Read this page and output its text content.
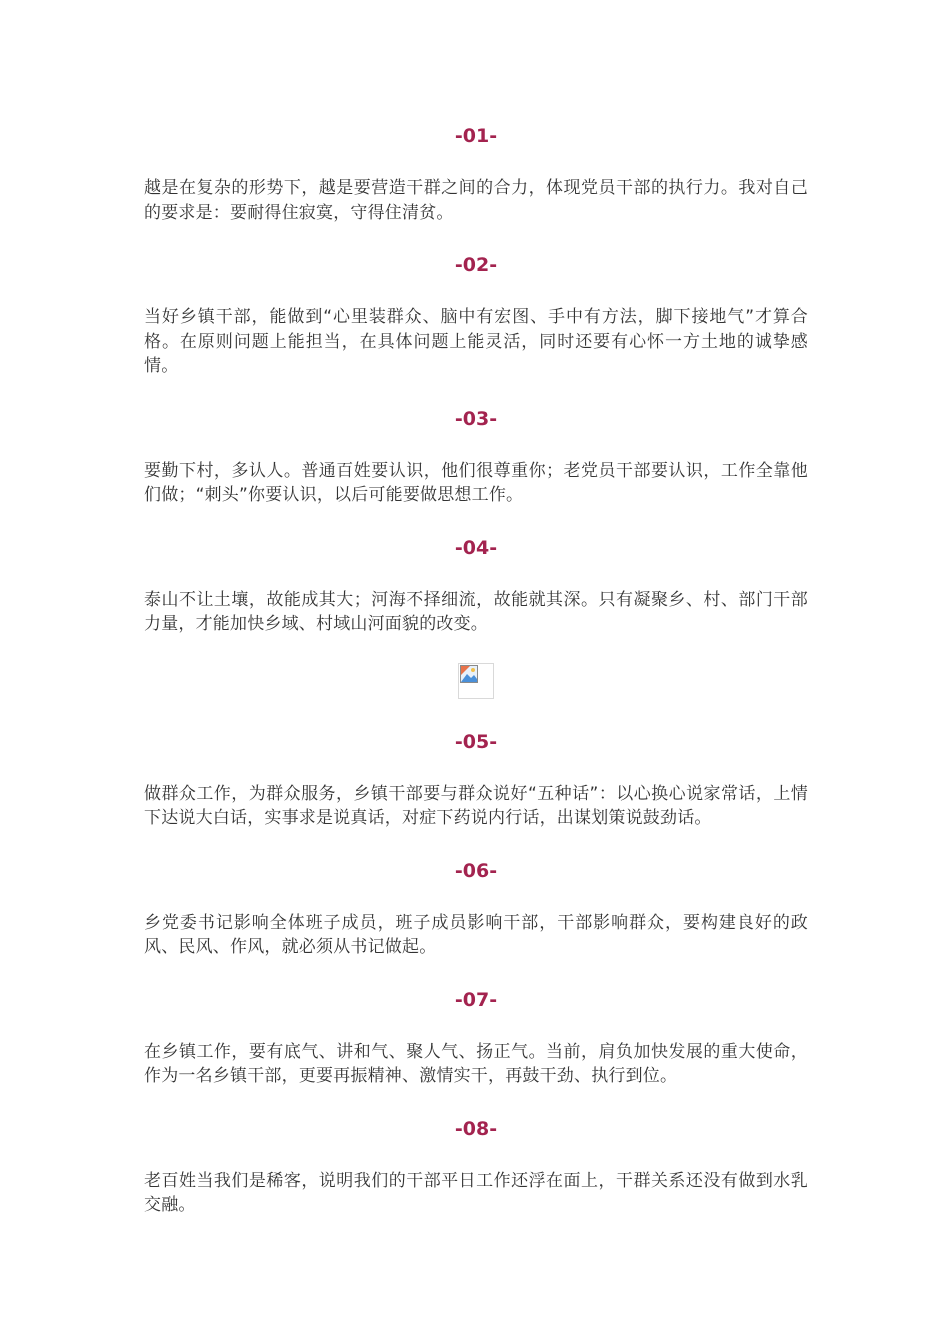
-01-

越是在复杂的形势下，越是要营造干群之间的合力，体现党员干部的执行力。我对自己的要求是：要耐得住寂寞，守得住清贫。

-02-

当好乡镇干部，能做到“心里装群众、脑中有宏图、手中有方法，脚下接地气”才算合格。在原则问题上能担当，在具体问题上能灵活，同时还要有心怀一方土地的诚挚感情。

-03-

要勤下村，多认人。普通百姓要认识，他们很尊重你；老党员干部要认识，工作全靠他们做；“刺头”你要认识，以后可能要做思想工作。

-04-

泰山不让土壤，故能成其大；河海不择细流，故能就其深。只有凝聚乡、村、部门干部力量，才能加快乡域、村域山河面貌的改变。

-05-

做群众工作，为群众服务，乡镇干部要与群众说好“五种话”：以心换心说家常话，上情下达说大白话，实事求是说真话，对症下药说内行话，出谋划策说鼓劲话。

-06-

乡党委书记影响全体班子成员，班子成员影响干部，干部影响群众，要构建良好的政风、民风、作风，就必须从书记做起。

-07-

在乡镇工作，要有底气、讲和气、聚人气、扬正气。当前，肩负加快发展的重大使命，作为一名乡镇干部，更要再振精神、激情实干，再鼓干劲、执行到位。

-08-

老百姓当我们是稀客，说明我们的干部平日工作还浮在面上，干群关系还没有做到水乳交融。
